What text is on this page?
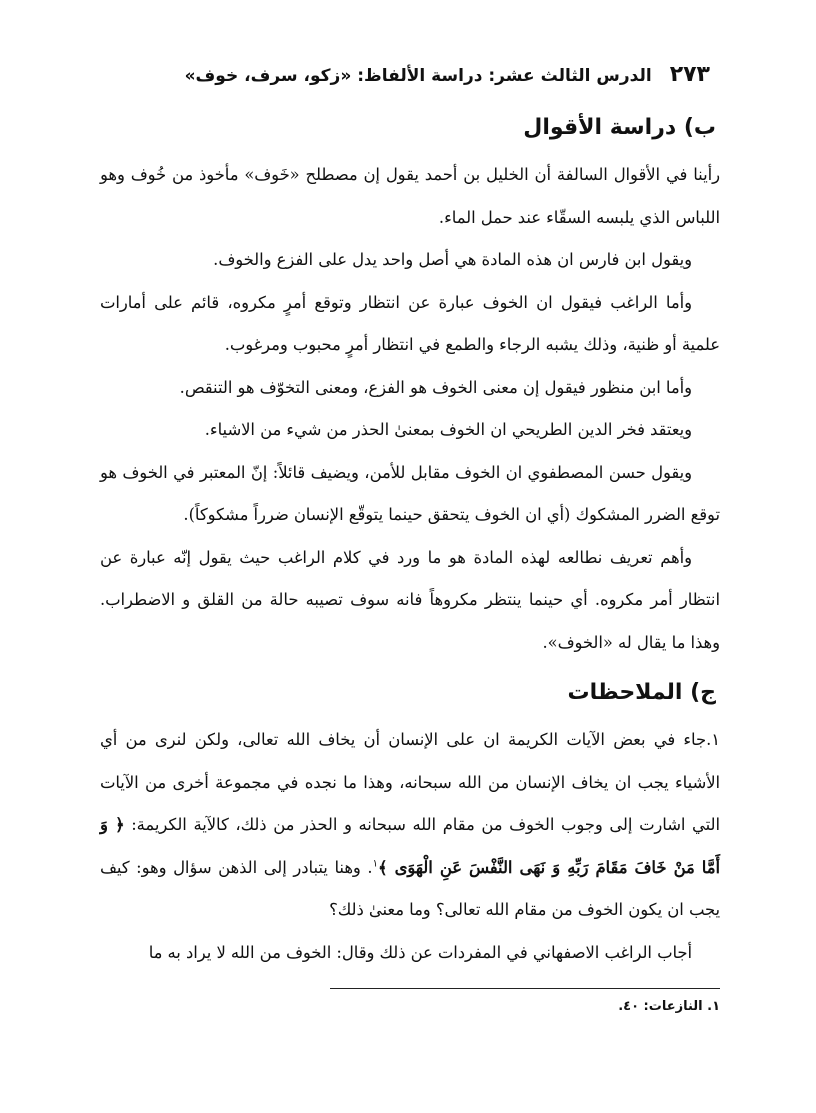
٢٧٣
الدرس الثالث عشر: دراسة الألفاظ: «زكو، سرف، خوف»
ب) دراسة الأقوال

رأينا في الأقوال السالفة أن الخليل بن أحمد يقول إن مصطلح «خَوف» مأخوذ من خُوف وهو اللباس الذي يلبسه السقّاء عند حمل الماء.

ويقول ابن فارس ان هذه المادة هي أصل واحد يدل على الفزع والخوف.

وأما الراغب فيقول ان الخوف عبارة عن انتظار وتوقع أمرٍ مكروه، قائم على أمارات علمية أو ظنية، وذلك يشبه الرجاء والطمع في انتظار أمرٍ محبوب ومرغوب.

وأما ابن منظور فيقول إن معنى الخوف هو الفزع، ومعنى التخوّف هو التنقص.

ويعتقد فخر الدين الطريحي ان الخوف بمعنىٰ الحذر من شيء من الاشياء.

ويقول حسن المصطفوي ان الخوف مقابل للأمن، ويضيف قائلاً: إنّ المعتبر في الخوف هو توقع الضرر المشكوك (أي ان الخوف يتحقق حينما يتوقّع الإنسان ضرراً مشكوكاً).

وأهم تعريف نطالعه لهذه المادة هو ما ورد في كلام الراغب حيث يقول إنّه عبارة عن انتظار أمر مكروه. أي حينما ينتظر مكروهاً فانه سوف تصيبه حالة من القلق و الاضطراب. وهذا ما يقال له «الخوف».

ج) الملاحظات

١.جاء في بعض الآيات الكريمة ان على الإنسان أن يخاف الله تعالى، ولكن لنرى من أي الأشياء يجب ان يخاف الإنسان من الله سبحانه، وهذا ما نجده في مجموعة أخرى من الآيات التي اشارت إلى وجوب الخوف من مقام الله سبحانه و الحذر من ذلك، كالآية الكريمة: ﴿ وَ أَمَّا مَنْ خَافَ مَقَامَ رَبِّهِ وَ نَهَى النَّفْسَ عَنِ الْهَوَى ﴾$^١$. وهنا يتبادر إلى الذهن سؤال وهو: كيف يجب ان يكون الخوف من مقام الله تعالى؟ وما معنىٰ ذلك؟

أجاب الراغب الاصفهاني في المفردات عن ذلك وقال: الخوف من الله لا يراد به ما

١. النازعات: ٤٠.
